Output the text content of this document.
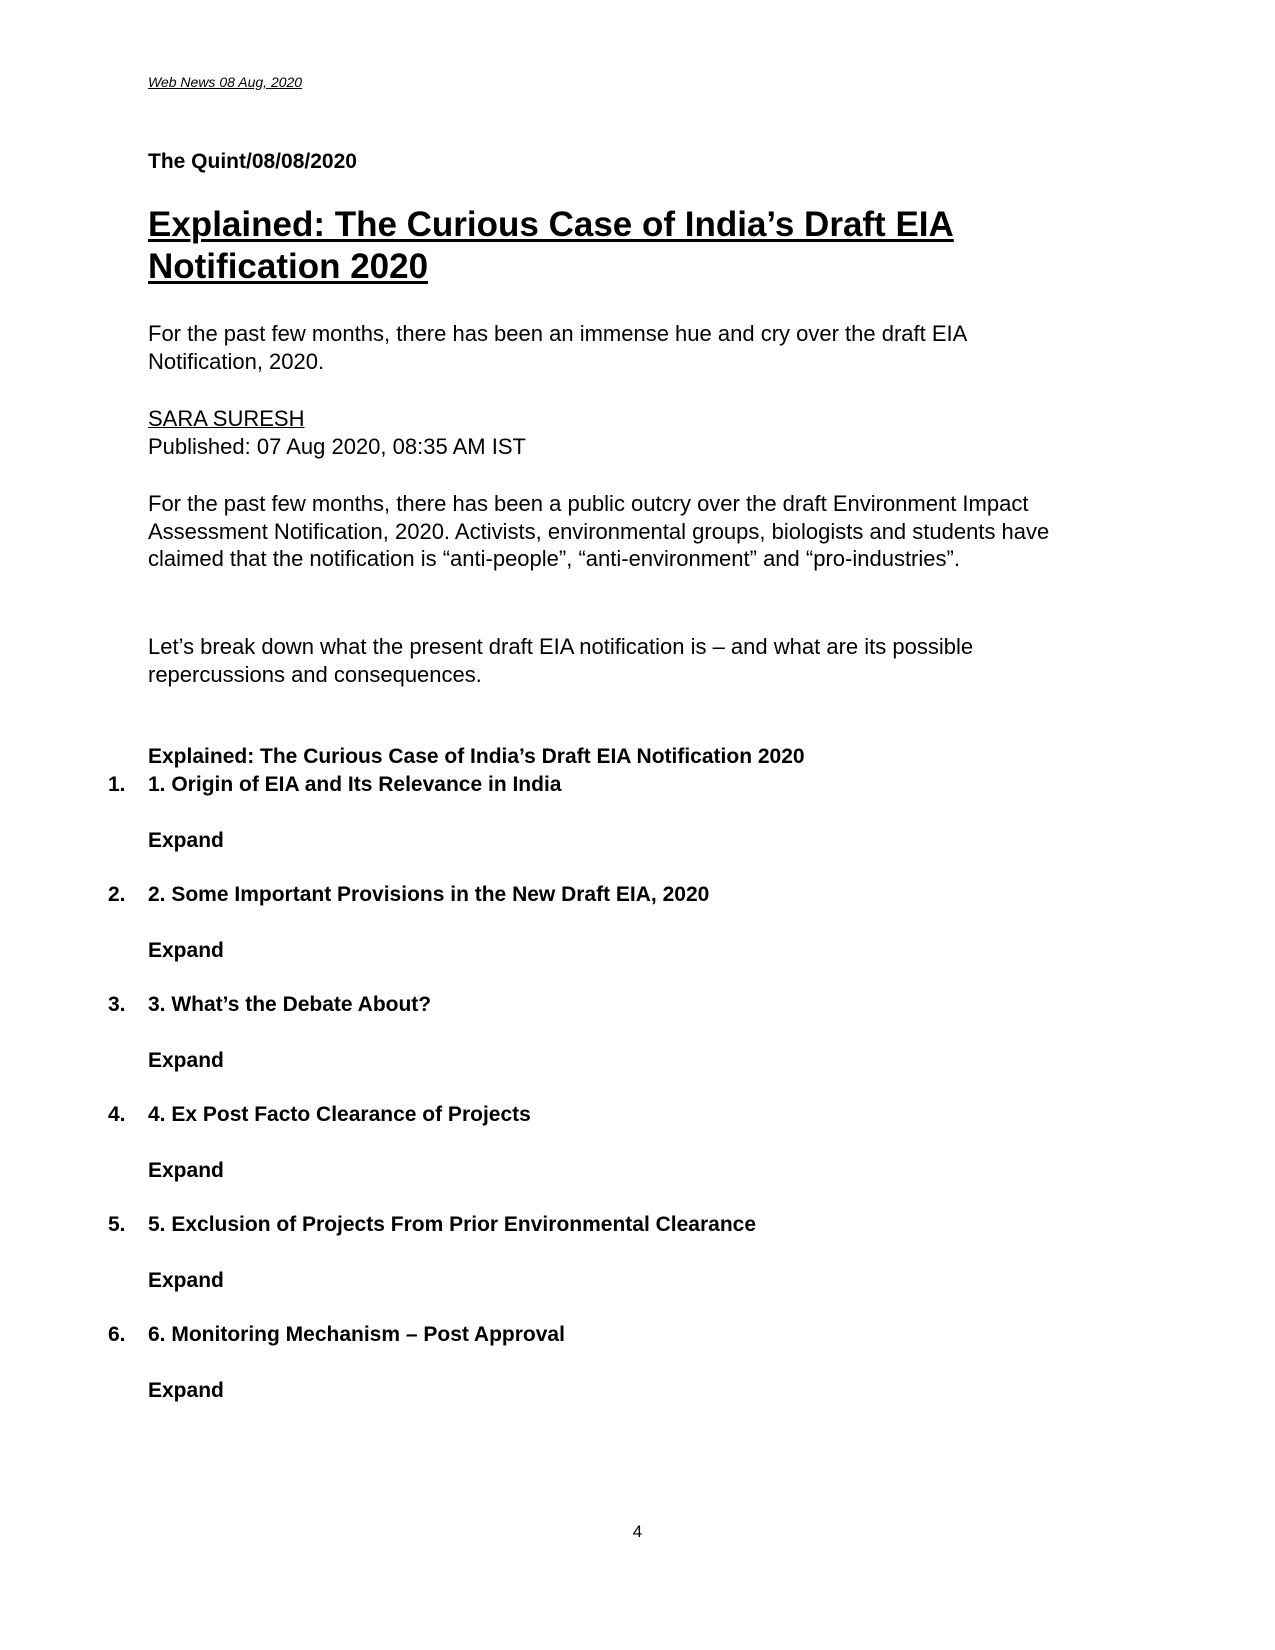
Web News 08 Aug, 2020
The Quint/08/08/2020
Explained: The Curious Case of India’s Draft EIA Notification 2020

For the past few months, there has been an immense hue and cry over the draft EIA Notification, 2020.

SARA SURESH
Published: 07 Aug 2020, 08:35 AM IST

For the past few months, there has been a public outcry over the draft Environment Impact Assessment Notification, 2020. Activists, environmental groups, biologists and students have claimed that the notification is “anti-people”, “anti-environment” and “pro-industries”.

Let’s break down what the present draft EIA notification is – and what are its possible repercussions and consequences.

Explained: The Curious Case of India’s Draft EIA Notification 2020
1. 1. Origin of EIA and Its Relevance in India
Expand
2. 2. Some Important Provisions in the New Draft EIA, 2020
Expand
3. 3. What’s the Debate About?
Expand
4. 4. Ex Post Facto Clearance of Projects
Expand
5. 5. Exclusion of Projects From Prior Environmental Clearance
Expand
6. 6. Monitoring Mechanism – Post Approval
Expand
4
